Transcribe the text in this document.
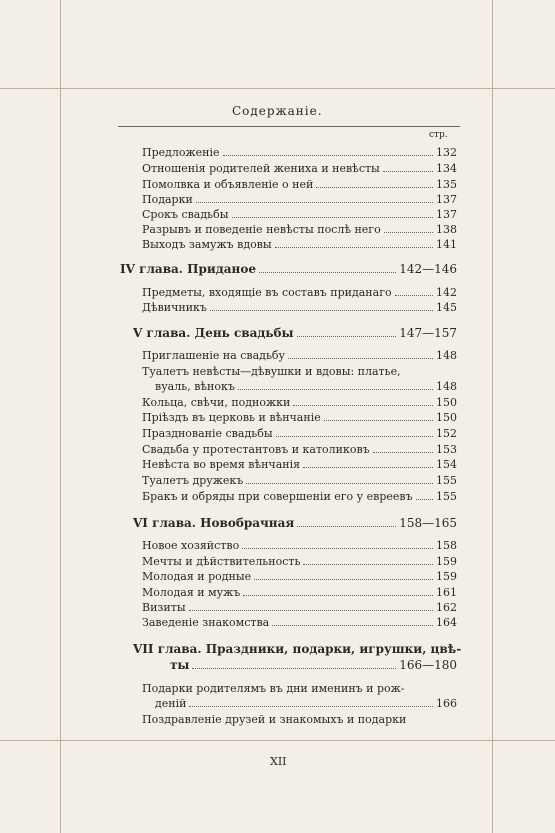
Содержаніе.
стр.
Предложеніе	132
Отношенія родителей жениха и невѣсты	134
Помолвка и объявленіе о ней	135
Подарки	137
Срокъ свадьбы	137
Разрывъ и поведеніе невѣсты послѣ него	138
Выходъ замужъ вдовы	141
IV глава. Приданое	142—146
Предметы, входящіе въ составъ приданаго	142
Дѣвичникъ	145
V глава. День свадьбы	147—157
Приглашеніе на свадьбу	148
Туалетъ невѣсты—дѣвушки и вдовы: платье,
вуаль, вѣнокъ	148
Кольца, свѣчи, подножки	150
Пріѣздъ въ церковь и вѣнчаніе	150
Празднованіе свадьбы	152
Свадьба у протестантовъ и католиковъ	153
Невѣста во время вѣнчанія	154
Туалетъ дружекъ	155
Бракъ и обряды при совершеніи его у евреевъ 155
VI глава. Новобрачная	158—165
Новое хозяйство	158
Мечты и дѣйствительность	159
Молодая и родные	159
Молодая и мужъ	161
Визиты	162
Заведеніе знакомства	164
VII глава. Праздники, подарки, игрушки, цвѣ-
ты	166—180
Подарки родителямъ въ дни именинъ и рож-
деній	166
Поздравленіе друзей и знакомыхъ и подарки
XII
